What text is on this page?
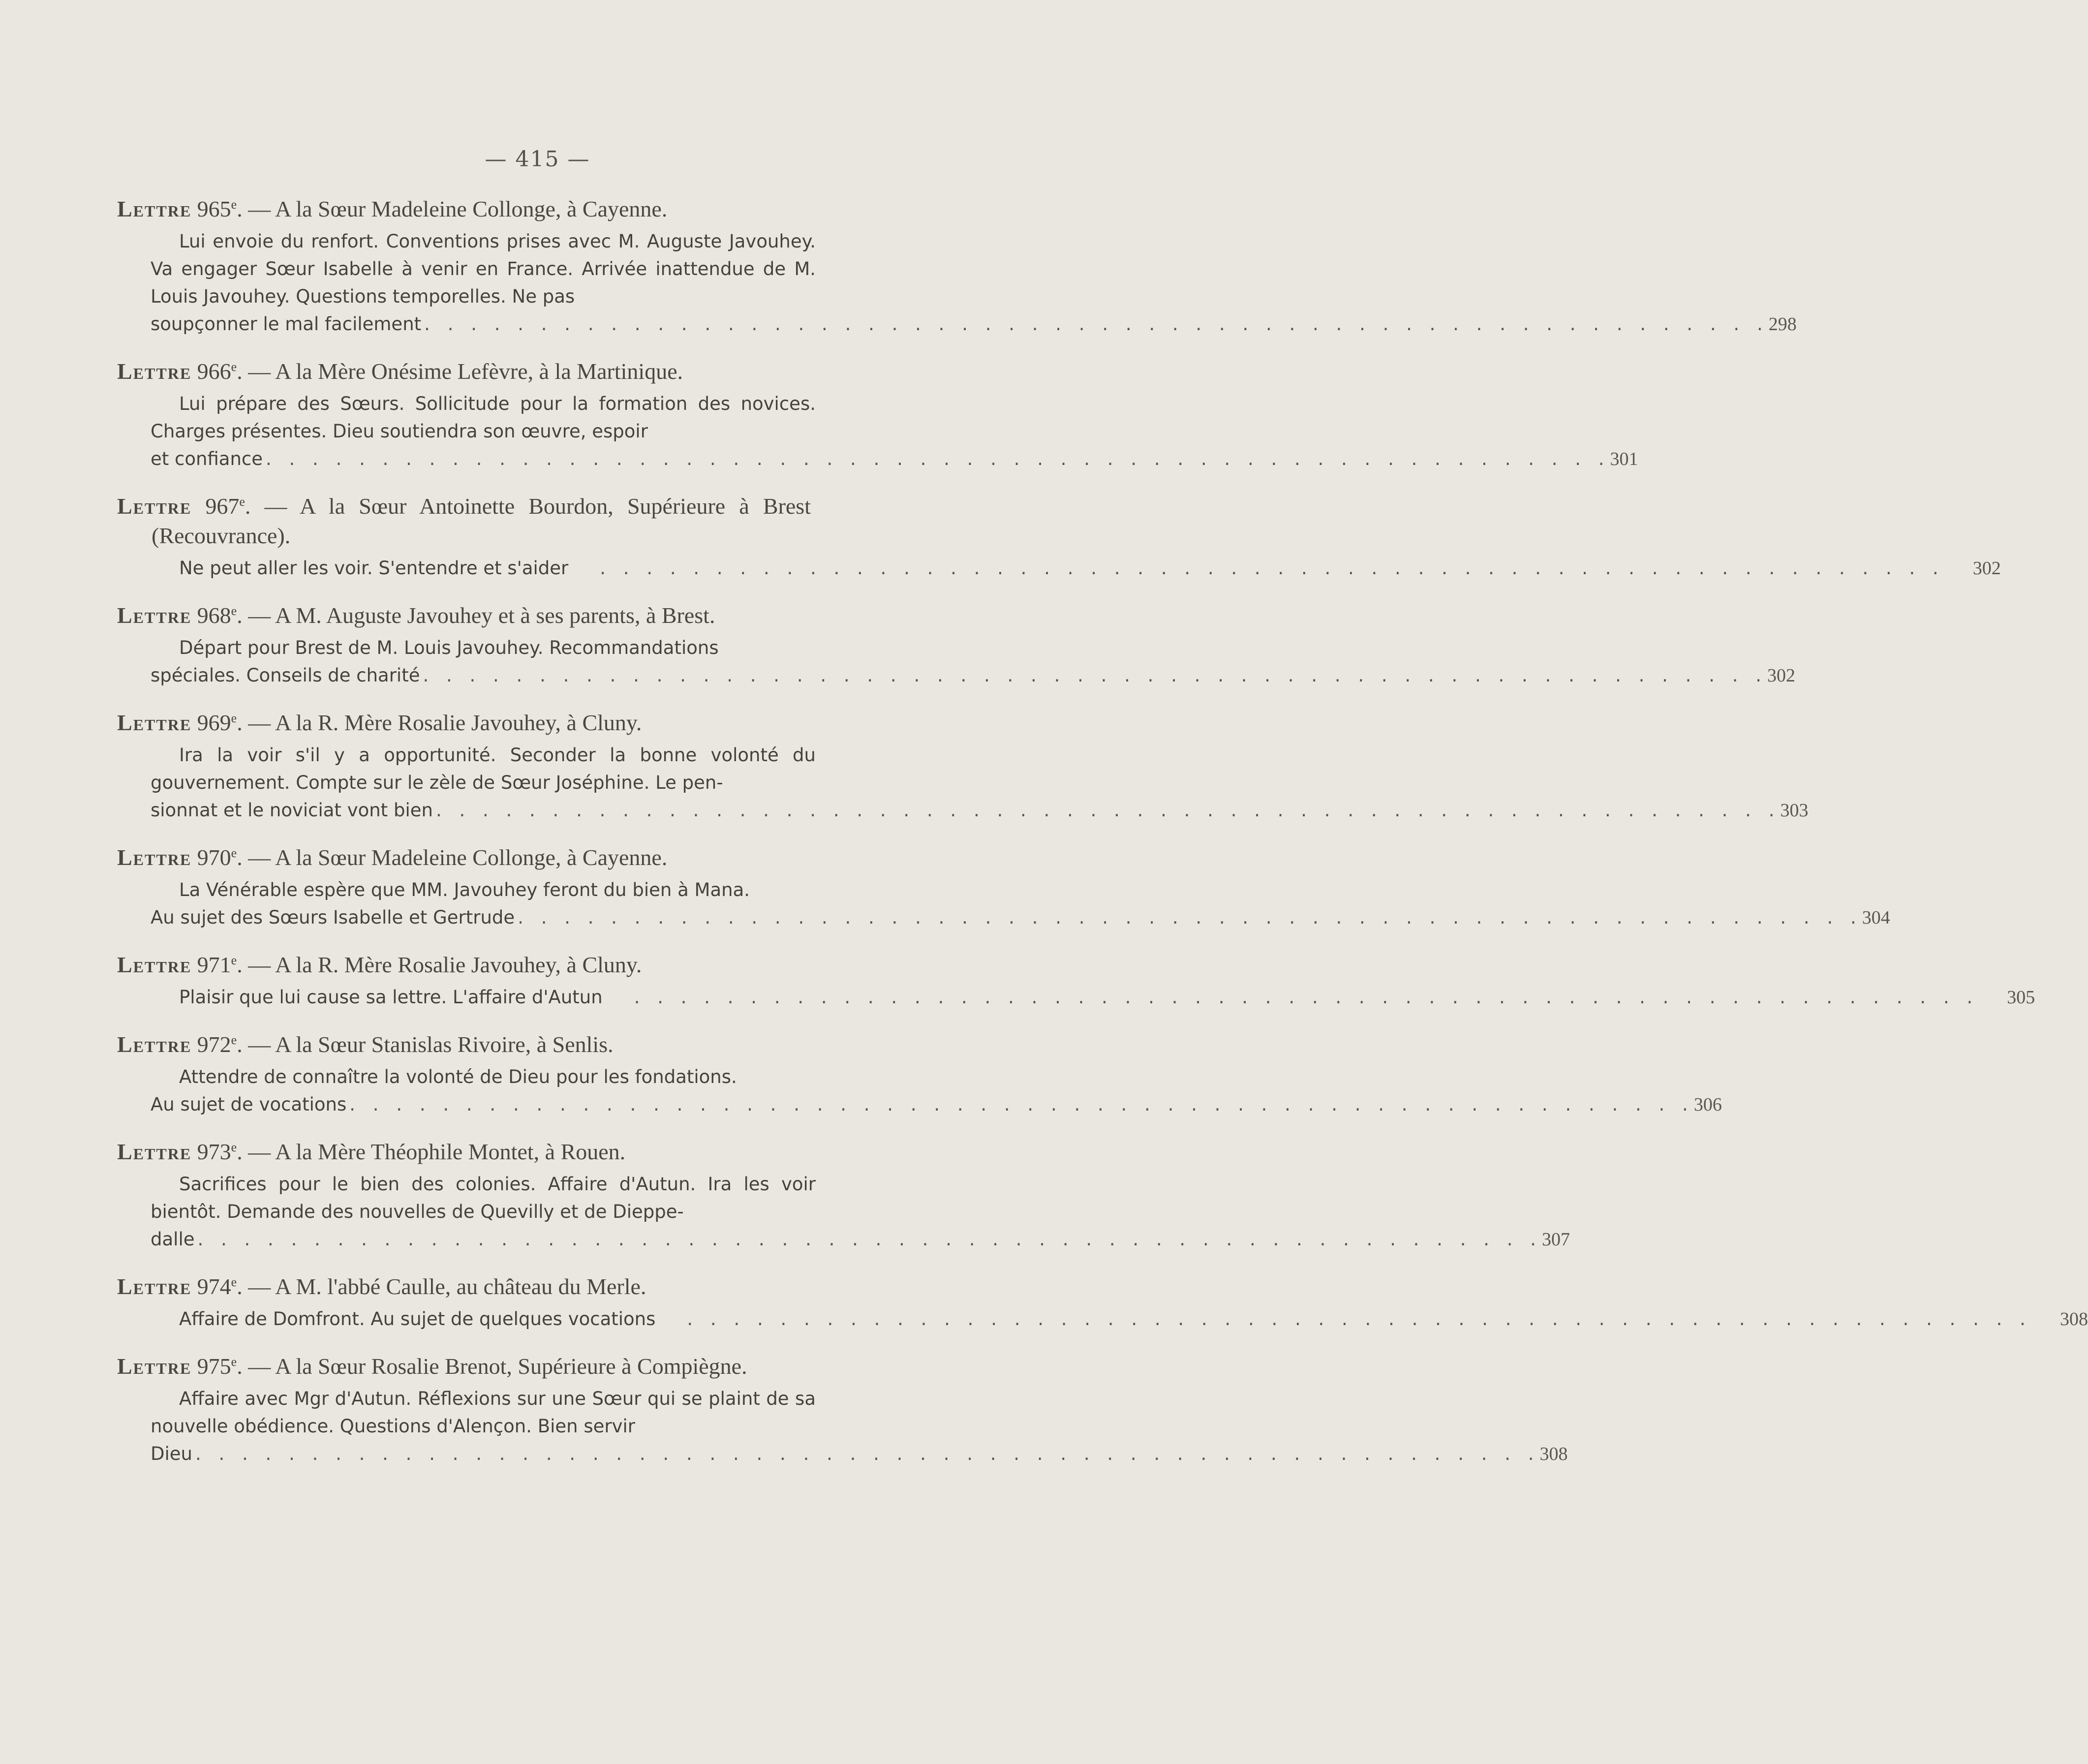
— 415 —
Lettre 965e. — A la Sœur Madeleine Collonge, à Cayenne.
Lui envoie du renfort. Conventions prises avec M. Auguste Javouhey. Va engager Sœur Isabelle à venir en France. Arrivée inattendue de M. Louis Javouhey. Questions temporelles. Ne pas
soupçonner le mal facilement . . . . . . . . . . . . . . . . . . . . . . . . . . . . . . . . . . . . . . . . . . . . . . . . . . . . . . . . . . 298
Lettre 966e. — A la Mère Onésime Lefèvre, à la Martinique.
Lui prépare des Sœurs. Sollicitude pour la formation des novices. Charges présentes. Dieu soutiendra son œuvre, espoir
et confiance . . . . . . . . . . . . . . . . . . . . . . . . . . . . . . . . . . . . . . . . . . . . . . . . . . . . . . . . . . 301
Lettre 967e. — A la Sœur Antoinette Bourdon, Supérieure à Brest (Recouvrance).
Ne peut aller les voir. S'entendre et s'aider	. . . . . . . . . . . . . . . . . . . . . . . . . . . . . . . . . . . . . . . . . . . . . . . . . . . . . . . . . .	302
Lettre 968e. — A M. Auguste Javouhey et à ses parents, à Brest.
Départ pour Brest de M. Louis Javouhey. Recommandations
spéciales. Conseils de charité . . . . . . . . . . . . . . . . . . . . . . . . . . . . . . . . . . . . . . . . . . . . . . . . . . . . . . . . . . 302
Lettre 969e. — A la R. Mère Rosalie Javouhey, à Cluny.
Ira la voir s'il y a opportunité. Seconder la bonne volonté du gouvernement. Compte sur le zèle de Sœur Joséphine. Le pen-
sionnat et le noviciat vont bien . . . . . . . . . . . . . . . . . . . . . . . . . . . . . . . . . . . . . . . . . . . . . . . . . . . . . . . . . . 303
Lettre 970e. — A la Sœur Madeleine Collonge, à Cayenne.
La Vénérable espère que MM. Javouhey feront du bien à Mana.
Au sujet des Sœurs Isabelle et Gertrude . . . . . . . . . . . . . . . . . . . . . . . . . . . . . . . . . . . . . . . . . . . . . . . . . . . . . . . . . . 304
Lettre 971e. — A la R. Mère Rosalie Javouhey, à Cluny.
Plaisir que lui cause sa lettre. L'affaire d'Autun	. . . . . . . . . . . . . . . . . . . . . . . . . . . . . . . . . . . . . . . . . . . . . . . . . . . . . . . . . .	305
Lettre 972e. — A la Sœur Stanislas Rivoire, à Senlis.
Attendre de connaître la volonté de Dieu pour les fondations.
Au sujet de vocations . . . . . . . . . . . . . . . . . . . . . . . . . . . . . . . . . . . . . . . . . . . . . . . . . . . . . . . . . . 306
Lettre 973e. — A la Mère Théophile Montet, à Rouen.
Sacrifices pour le bien des colonies. Affaire d'Autun. Ira les voir bientôt. Demande des nouvelles de Quevilly et de Dieppe-
dalle . . . . . . . . . . . . . . . . . . . . . . . . . . . . . . . . . . . . . . . . . . . . . . . . . . . . . . . . . . 307
Lettre 974e. — A M. l'abbé Caulle, au château du Merle.
Affaire de Domfront. Au sujet de quelques vocations	. . . . . . . . . . . . . . . . . . . . . . . . . . . . . . . . . . . . . . . . . . . . . . . . . . . . . . . . . .	308
Lettre 975e. — A la Sœur Rosalie Brenot, Supérieure à Compiègne.
Affaire avec Mgr d'Autun. Réflexions sur une Sœur qui se plaint de sa nouvelle obédience. Questions d'Alençon. Bien servir
Dieu . . . . . . . . . . . . . . . . . . . . . . . . . . . . . . . . . . . . . . . . . . . . . . . . . . . . . . . . . . 308
